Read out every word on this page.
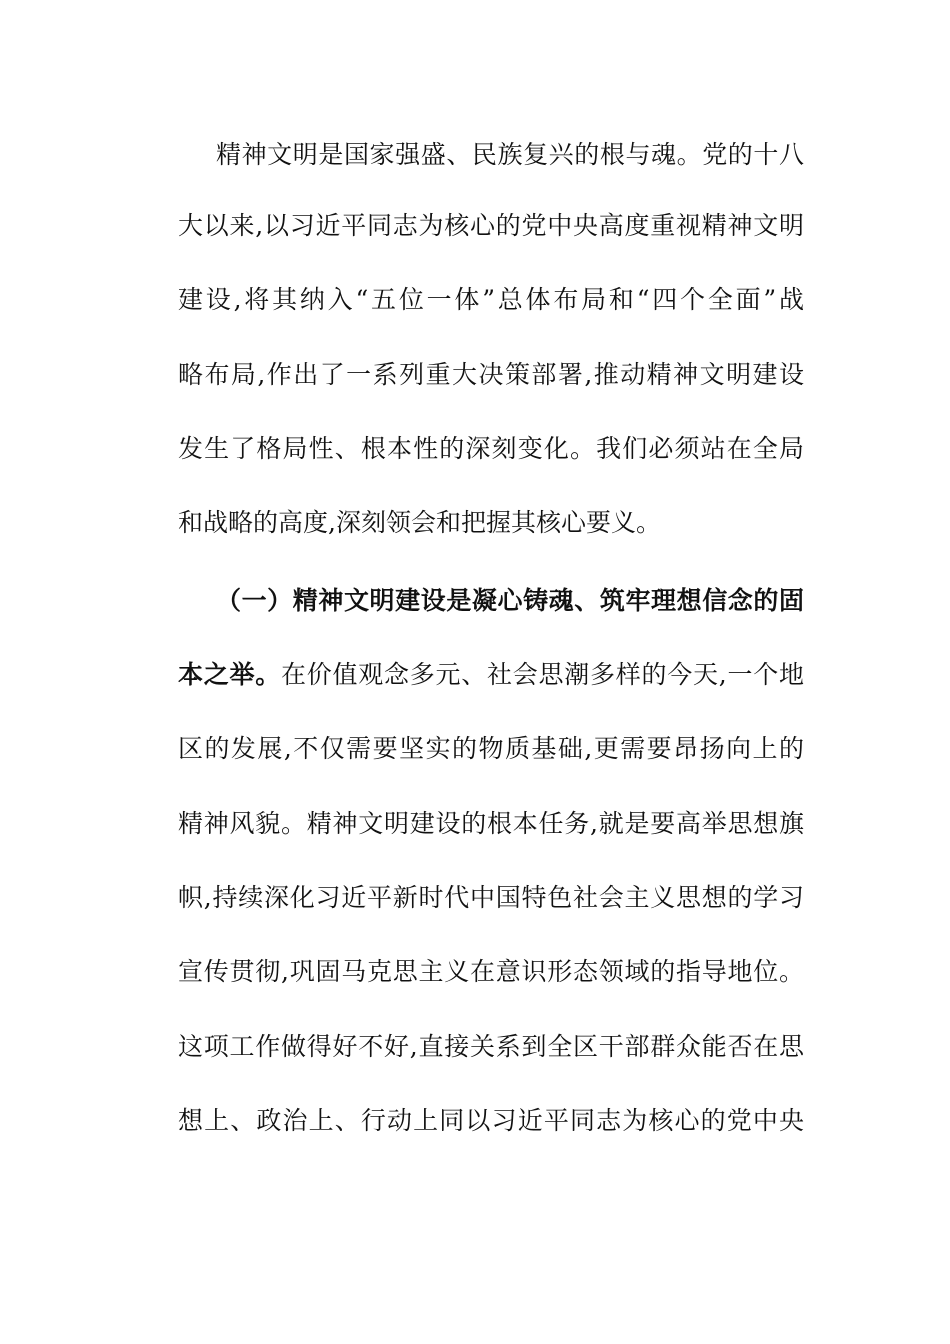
精神文明是国家强盛、民族复兴的根与魂。党的十八
大以来,以习近平同志为核心的党中央高度重视精神文明
建设,将其纳入“五位一体”总体布局和“四个全面”战
略布局,作出了一系列重大决策部署,推动精神文明建设
发生了格局性、根本性的深刻变化。我们必须站在全局
和战略的高度,深刻领会和把握其核心要义。
（一）精神文明建设是凝心铸魂、筑牢理想信念的固
本之举。在价值观念多元、社会思潮多样的今天,一个地
区的发展,不仅需要坚实的物质基础,更需要昂扬向上的
精神风貌。精神文明建设的根本任务,就是要高举思想旗
帜,持续深化习近平新时代中国特色社会主义思想的学习
宣传贯彻,巩固马克思主义在意识形态领域的指导地位。
这项工作做得好不好,直接关系到全区干部群众能否在思
想上、政治上、行动上同以习近平同志为核心的党中央
